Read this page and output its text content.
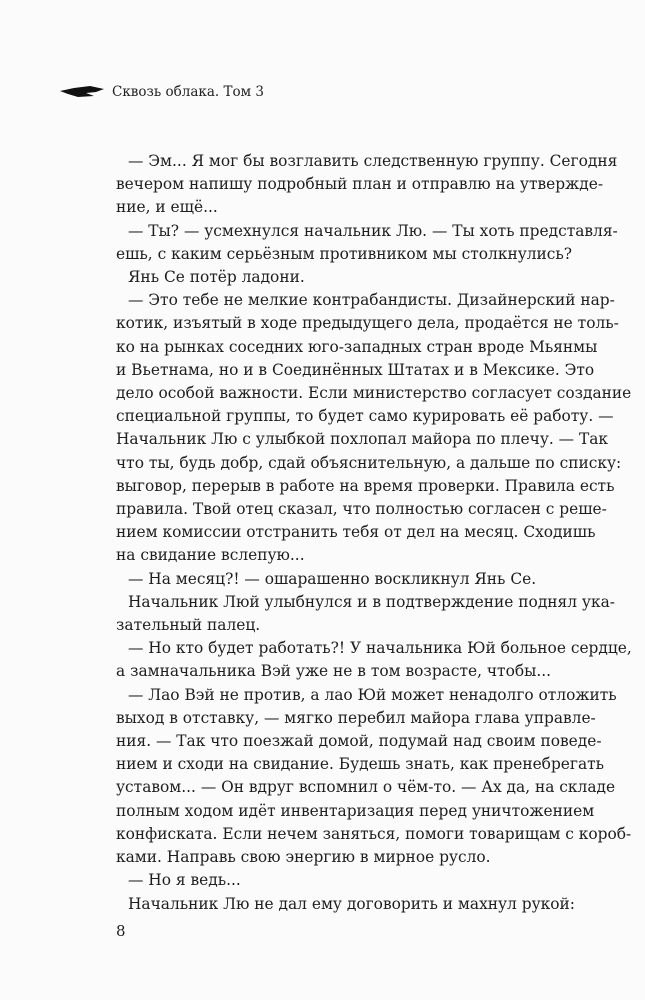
Сквозь облака. Том 3
— Эм... Я мог бы возглавить следственную группу. Сегодня
вечером напишу подробный план и отправлю на утвержде-
ние, и ещё...
— Ты? — усмехнулся начальник Лю. — Ты хоть представля-
ешь, с каким серьёзным противником мы столкнулись?
Янь Се потёр ладони.
— Это тебе не мелкие контрабандисты. Дизайнерский нар-
котик, изъятый в ходе предыдущего дела, продаётся не толь-
ко на рынках соседних юго-западных стран вроде Мьянмы
и Вьетнама, но и в Соединённых Штатах и в Мексике. Это
дело особой важности. Если министерство согласует создание
специальной группы, то будет само курировать её работу. —
Начальник Лю с улыбкой похлопал майора по плечу. — Так
что ты, будь добр, сдай объяснительную, а дальше по списку:
выговор, перерыв в работе на время проверки. Правила есть
правила. Твой отец сказал, что полностью согласен с реше-
нием комиссии отстранить тебя от дел на месяц. Сходишь
на свидание вслепую...
— На месяц?! — ошарашенно воскликнул Янь Се.
Начальник Люй улыбнулся и в подтверждение поднял ука-
зательный палец.
— Но кто будет работать?! У начальника Юй больное сердце,
а замначальника Вэй уже не в том возрасте, чтобы...
— Лао Вэй не против, а лао Юй может ненадолго отложить
выход в отставку, — мягко перебил майора глава управле-
ния. — Так что поезжай домой, подумай над своим поведе-
нием и сходи на свидание. Будешь знать, как пренебрегать
уставом... — Он вдруг вспомнил о чём-то. — Ах да, на складе
полным ходом идёт инвентаризация перед уничтожением
конфиската. Если нечем заняться, помоги товарищам с короб-
ками. Направь свою энергию в мирное русло.
— Но я ведь...
Начальник Лю не дал ему договорить и махнул рукой:
8
